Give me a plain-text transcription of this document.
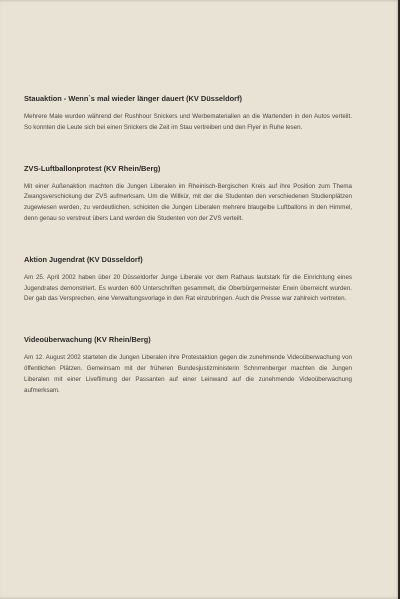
Stauaktion - Wenn`s mal wieder länger dauert (KV Düsseldorf)

Mehrere Male wurden während der Rushhour Snickers und Werbematerialien an die Wartenden in den Autos verteilt. So konnten die Leute sich bei einen Snickers die Zeit im Stau vertreiben und den Flyer in Ruhe lesen.

ZVS-Luftballonprotest (KV Rhein/Berg)

Mit einer Außenaktion machten die Jungen Liberalen im Rheinisch-Bergischen Kreis auf ihre Position zum Thema Zwangsverschickung der ZVS aufmerksam. Um die Willkür, mit der die Studenten den verschiedenen Studienplätzen zugewiesen werden, zu verdeutlichen, schickten die Jungen Liberalen mehrere blaugelbe Luftballons in den Himmel, denn genau so verstreut übers Land werden die Studenten von der ZVS verteilt.

Aktion Jugendrat (KV Düsseldorf)

Am 25. April 2002 haben über 20 Düsseldorfer Junge Liberale vor dem Rathaus lautstark für die Einrichtung eines Jugendrates demonstriert. Es wurden 600 Unterschriften gesammelt, die Oberbürgermeister Erwin überreicht wurden. Der gab das Versprechen, eine Verwaltungsvorlage in den Rat einzubringen. Auch die Presse war zahlreich vertreten.

Videoüberwachung (KV Rhein/Berg)

Am 12. August 2002 starteten die Jungen Liberalen ihre Protestaktion gegen die zunehmende Videoüberwachung von öffentlichen Plätzen. Gemeinsam mit der früheren Bundesjustizministerin Schnrrenberger machten die Jungen Liberalen mit einer Liveflimung der Passanten auf einer Leinwand auf die zunehmende Videoüberwachung aufmerksam.
